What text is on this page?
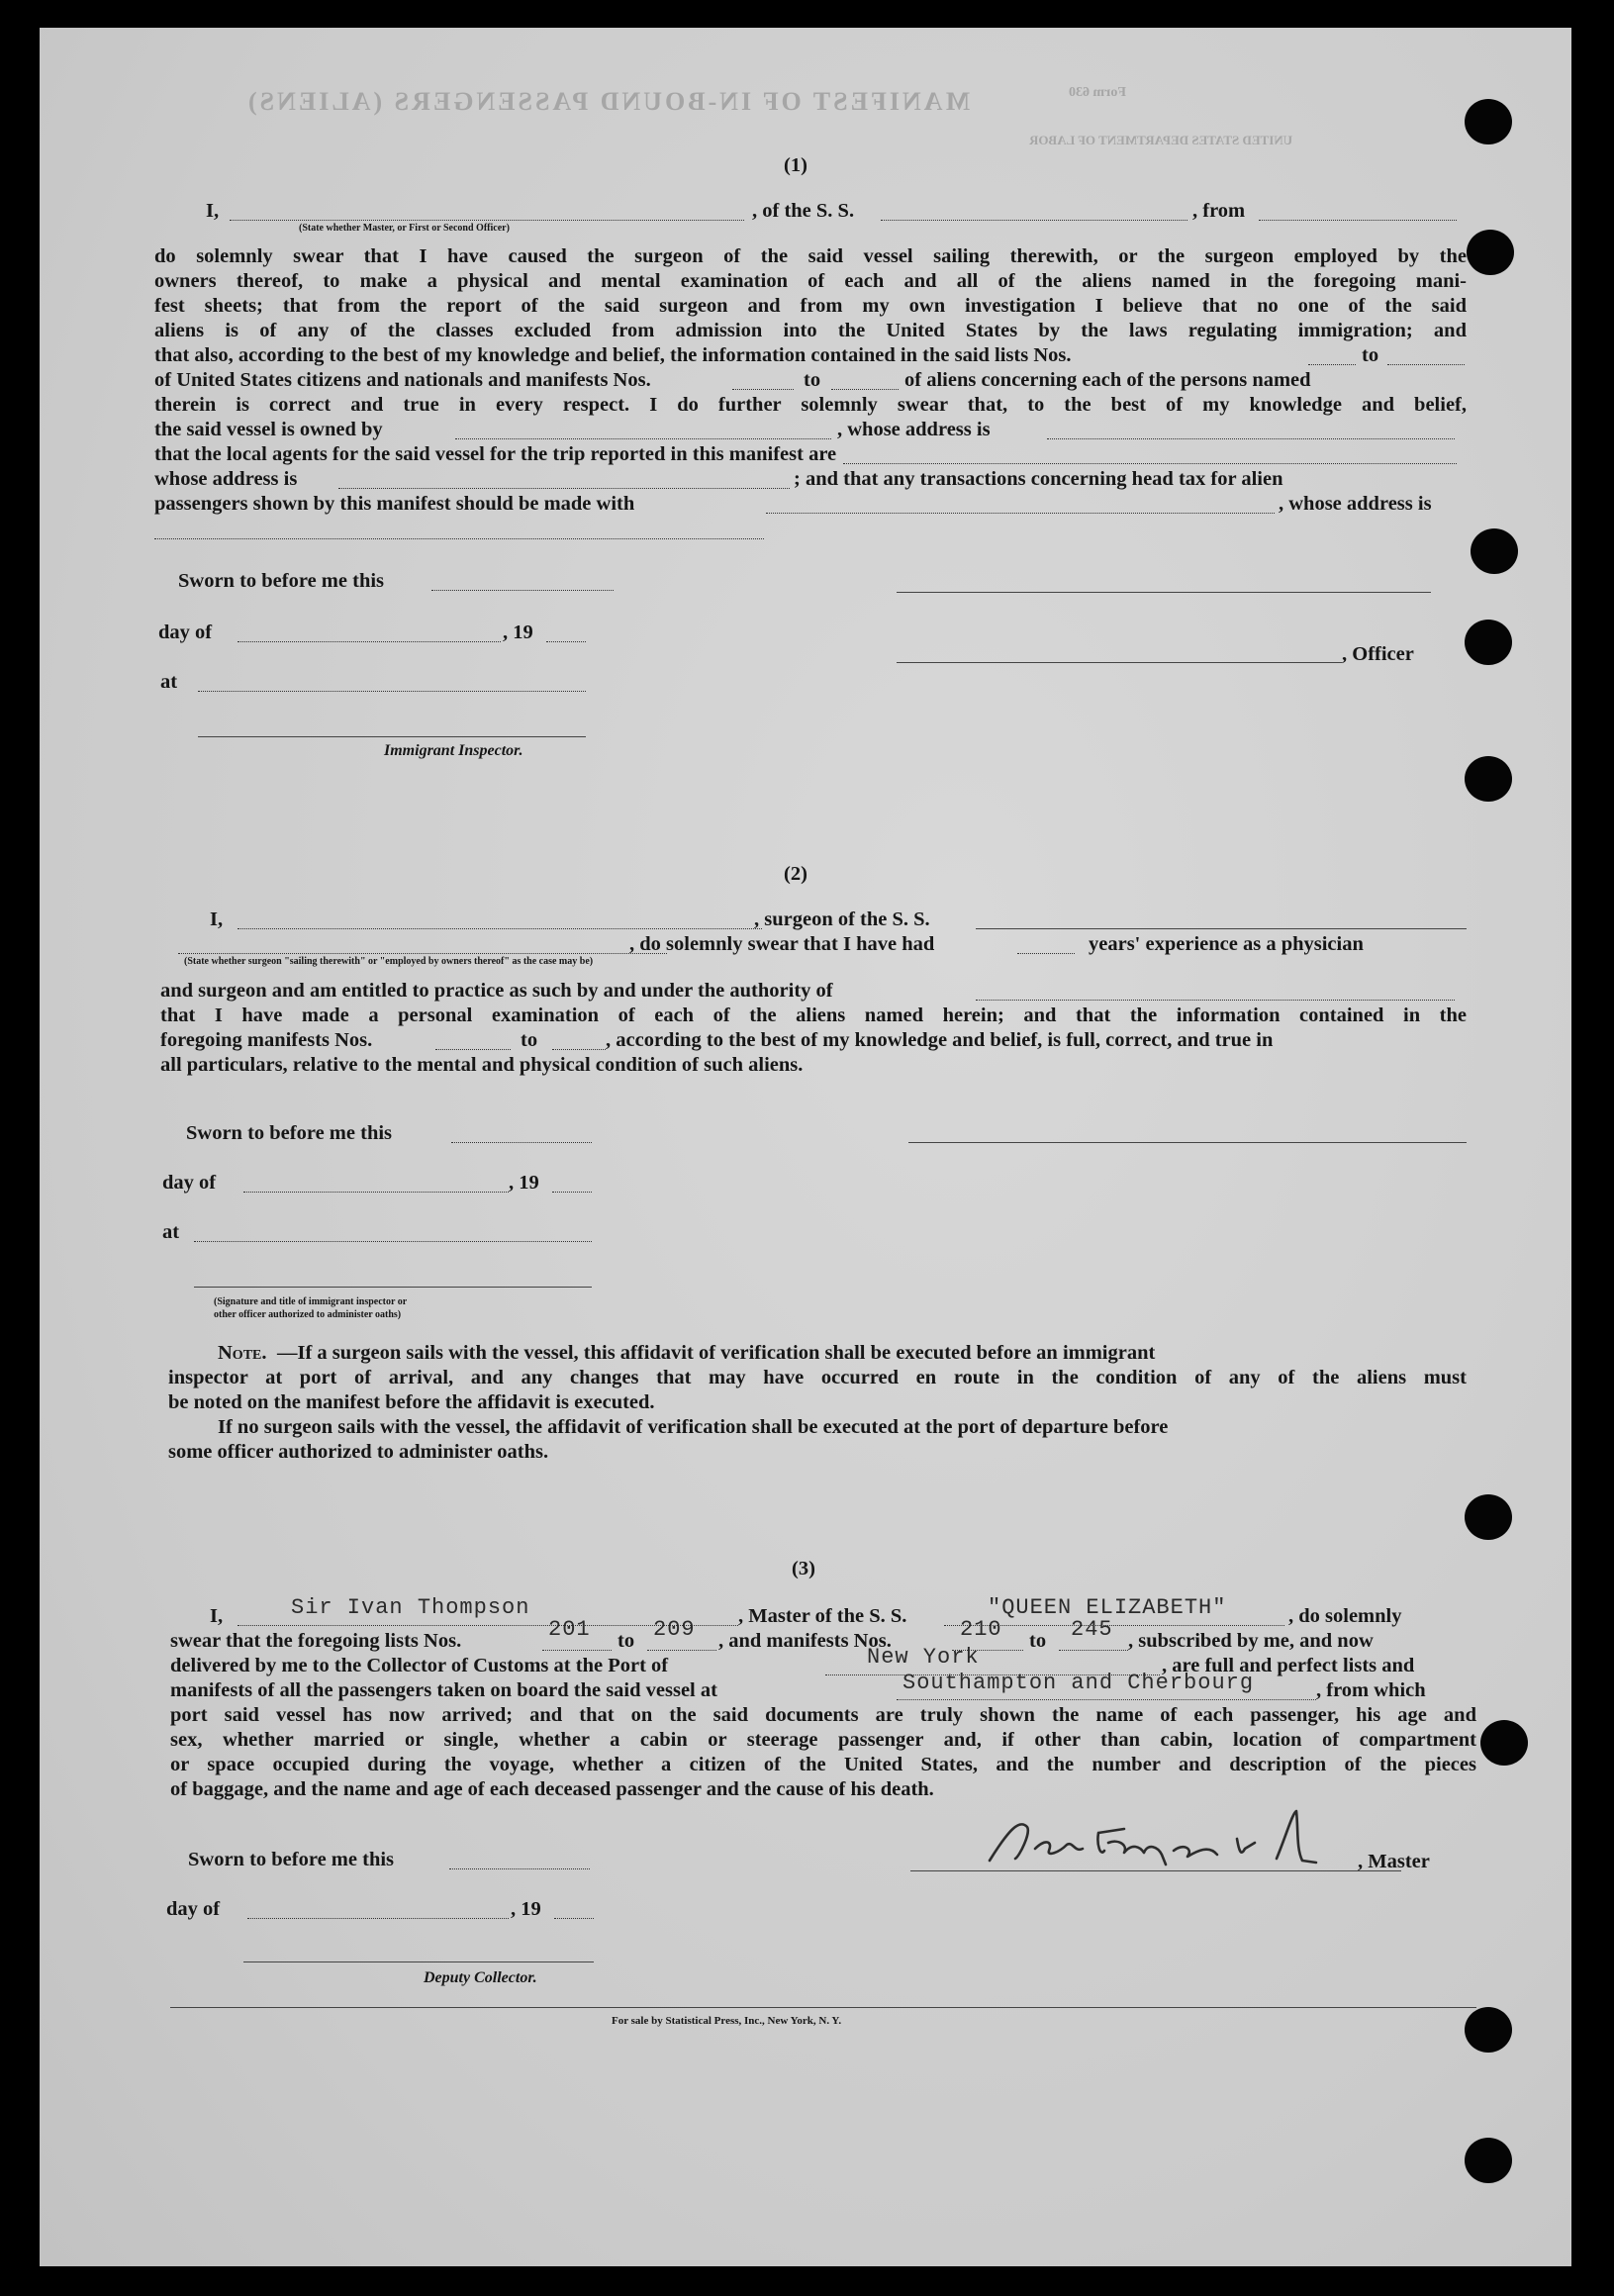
MANIFEST OF IN-BOUND PASSENGERS (ALIENS)	Form 630
UNITED STATES DEPARTMENT OF LABOR
(1)
I,
(State whether Master, or First or Second Officer)
, of the S. S.	, from
do solemnly swear that I have caused the surgeon of the said vessel sailing therewith, or the surgeon employed by the
owners thereof, to make a physical and mental examination of each and all of the aliens named in the foregoing mani-
fest sheets; that from the report of the said surgeon and from my own investigation I believe that no one of the said
aliens is of any of the classes excluded from admission into the United States by the laws regulating immigration; and
that also, according to the best of my knowledge and belief, the information contained in the said lists Nos.	to
of United States citizens and nationals and manifests Nos.	to	of aliens concerning each of the persons named
therein is correct and true in every respect. I do further solemnly swear that, to the best of my knowledge and belief,
the said vessel is owned by	, whose address is
that the local agents for the said vessel for the trip reported in this manifest are
whose address is	; and that any transactions concerning head tax for alien
passengers shown by this manifest should be made with	, whose address is
Sworn to before me this
day of	, 19
, Officer
at
Immigrant Inspector.
(2)
I,	, surgeon of the S. S.
, do solemnly swear that I have had	years' experience as a physician
(State whether surgeon "sailing therewith" or "employed by owners thereof" as the case may be)
and surgeon and am entitled to practice as such by and under the authority of
that I have made a personal examination of each of the aliens named herein; and that the information contained in the
foregoing manifests Nos.	to	, according to the best of my knowledge and belief, is full, correct, and true in
all particulars, relative to the mental and physical condition of such aliens.
Sworn to before me this
day of	, 19
at
(Signature and title of immigrant inspector or
other officer authorized to administer oaths)
Note. —If a surgeon sails with the vessel, this affidavit of verification shall be executed before an immigrant
inspector at port of arrival, and any changes that may have occurred en route in the condition of any of the aliens must
be noted on the manifest before the affidavit is executed.
If no surgeon sails with the vessel, the affidavit of verification shall be executed at the port of departure before
some officer authorized to administer oaths.
(3)
I,	Sir Ivan Thompson	, Master of the S. S.	"QUEEN ELIZABETH"	, do solemnly
swear that the foregoing lists Nos.	201 to 209 , and manifests Nos.	210 to 245 , subscribed by me, and now
delivered by me to the Collector of Customs at the Port of	New York	, are full and perfect lists and
manifests of all the passengers taken on board the said vessel at	Southampton and Cherbourg	, from which
port said vessel has now arrived; and that on the said documents are truly shown the name of each passenger, his age and
sex, whether married or single, whether a cabin or steerage passenger and, if other than cabin, location of compartment
or space occupied during the voyage, whether a citizen of the United States, and the number and description of the pieces
of baggage, and the name and age of each deceased passenger and the cause of his death.
Sworn to before me this	, Master
day of	, 19
Deputy Collector.
For sale by Statistical Press, Inc., New York, N. Y.
